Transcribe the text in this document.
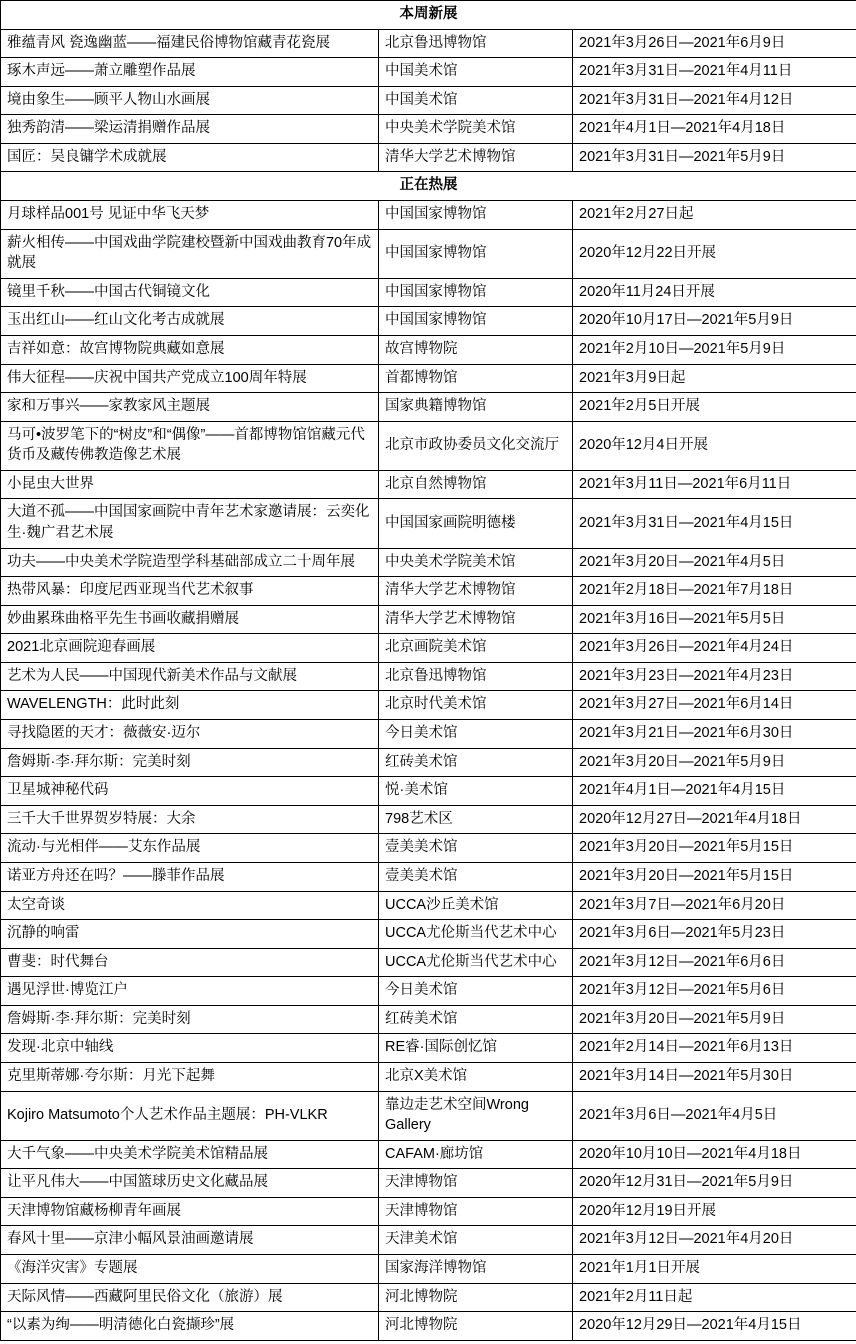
本周新展		
雅蕴青风 瓷逸幽蓝——福建民俗博物馆藏青花瓷展	北京鲁迅博物馆	2021年3月26日—2021年6月9日
琢木声远——萧立雕塑作品展	中国美术馆	2021年3月31日—2021年4月11日
境由象生——顾平人物山水画展	中国美术馆	2021年3月31日—2021年4月12日
独秀韵清——梁运清捐赠作品展	中央美术学院美术馆	2021年4月1日—2021年4月18日
国匠：吴良镛学术成就展	清华大学艺术博物馆	2021年3月31日—2021年5月9日
正在热展		
月球样品001号 见证中华飞天梦	中国国家博物馆	2021年2月27日起
薪火相传——中国戏曲学院建校暨新中国戏曲教育70年成就展	中国国家博物馆	2020年12月22日开展
镜里千秋——中国古代铜镜文化	中国国家博物馆	2020年11月24日开展
玉出红山——红山文化考古成就展	中国国家博物馆	2020年10月17日—2021年5月9日
吉祥如意：故宫博物院典藏如意展	故宫博物院	2021年2月10日—2021年5月9日
伟大征程——庆祝中国共产党成立100周年特展	首都博物馆	2021年3月9日起
家和万事兴——家教家风主题展	国家典籍博物馆	2021年2月5日开展
马可•波罗笔下的“树皮”和“偶像”——首都博物馆馆藏元代货币及藏传佛教造像艺术展	北京市政协委员文化交流厅	2020年12月4日开展
小昆虫大世界	北京自然博物馆	2021年3月11日—2021年6月11日
大道不孤——中国国家画院中青年艺术家邀请展：云奕化生·魏广君艺术展	中国国家画院明德楼	2021年3月31日—2021年4月15日
功夫——中央美术学院造型学科基础部成立二十周年展	中央美术学院美术馆	2021年3月20日—2021年4月5日
热带风暴：印度尼西亚现当代艺术叙事	清华大学艺术博物馆	2021年2月18日—2021年7月18日
妙曲累珠曲格平先生书画收藏捐赠展	清华大学艺术博物馆	2021年3月16日—2021年5月5日
2021北京画院迎春画展	北京画院美术馆	2021年3月26日—2021年4月24日
艺术为人民——中国现代新美术作品与文献展	北京鲁迅博物馆	2021年3月23日—2021年4月23日
WAVELENGTH：此时此刻	北京时代美术馆	2021年3月27日—2021年6月14日
寻找隐匿的天才：薇薇安·迈尔	今日美术馆	2021年3月21日—2021年6月30日
詹姆斯·李·拜尔斯：完美时刻	红砖美术馆	2021年3月20日—2021年5月9日
卫星城神秘代码	悦·美术馆	2021年4月1日—2021年4月15日
三千大千世界贺岁特展：大余	798艺术区	2020年12月27日—2021年4月18日
流动·与光相伴——艾东作品展	壹美美术馆	2021年3月20日—2021年5月15日
诺亚方舟还在吗？——滕菲作品展	壹美美术馆	2021年3月20日—2021年5月15日
太空奇谈	UCCA沙丘美术馆	2021年3月7日—2021年6月20日
沉静的响雷	UCCA尤伦斯当代艺术中心	2021年3月6日—2021年5月23日
曹斐：时代舞台	UCCA尤伦斯当代艺术中心	2021年3月12日—2021年6月6日
遇见浮世·博览江户	今日美术馆	2021年3月12日—2021年5月6日
詹姆斯·李·拜尔斯：完美时刻	红砖美术馆	2021年3月20日—2021年5月9日
发现·北京中轴线	RE睿·国际创忆馆	2021年2月14日—2021年6月13日
克里斯蒂娜·夸尔斯：月光下起舞	北京X美术馆	2021年3月14日—2021年5月30日
Kojiro Matsumoto个人艺术作品主题展：PH-VLKR	靠边走艺术空间Wrong Gallery	2021年3月6日—2021年4月5日
大千气象——中央美术学院美术馆精品展	CAFAM·廊坊馆	2020年10月10日—2021年4月18日
让平凡伟大——中国篮球历史文化藏品展	天津博物馆	2020年12月31日—2021年5月9日
天津博物馆藏杨柳青年画展	天津博物馆	2020年12月19日开展
春风十里——京津小幅风景油画邀请展	天津美术馆	2021年3月12日—2021年4月20日
《海洋灾害》专题展	国家海洋博物馆	2021年1月1日开展
天际风情——西藏阿里民俗文化（旅游）展	河北博物院	2021年2月11日起
“以素为绚——明清德化白瓷撷珍”展	河北博物院	2020年12月29日—2021年4月15日
